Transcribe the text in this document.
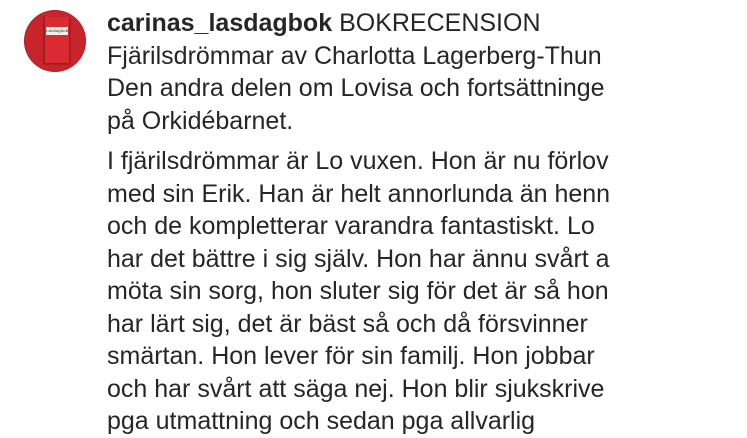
Läsdagbok carinas_lasdagbok BOKRECENSION
Fjärilsdrömmar av Charlotta Lagerberg-Thun
Den andra delen om Lovisa och fortsättninge
på Orkidébarnet.
I fjärilsdrömmar är Lo vuxen. Hon är nu förlov
med sin Erik. Han är helt annorlunda än henn
och de kompletterar varandra fantastiskt. Lo
har det bättre i sig själv. Hon har ännu svårt a
möta sin sorg, hon sluter sig för det är så hon
har lärt sig, det är bäst så och då försvinner
smärtan. Hon lever för sin familj. Hon jobbar
och har svårt att säga nej. Hon blir sjukskrive
pga utmattning och sedan pga allvarlig
